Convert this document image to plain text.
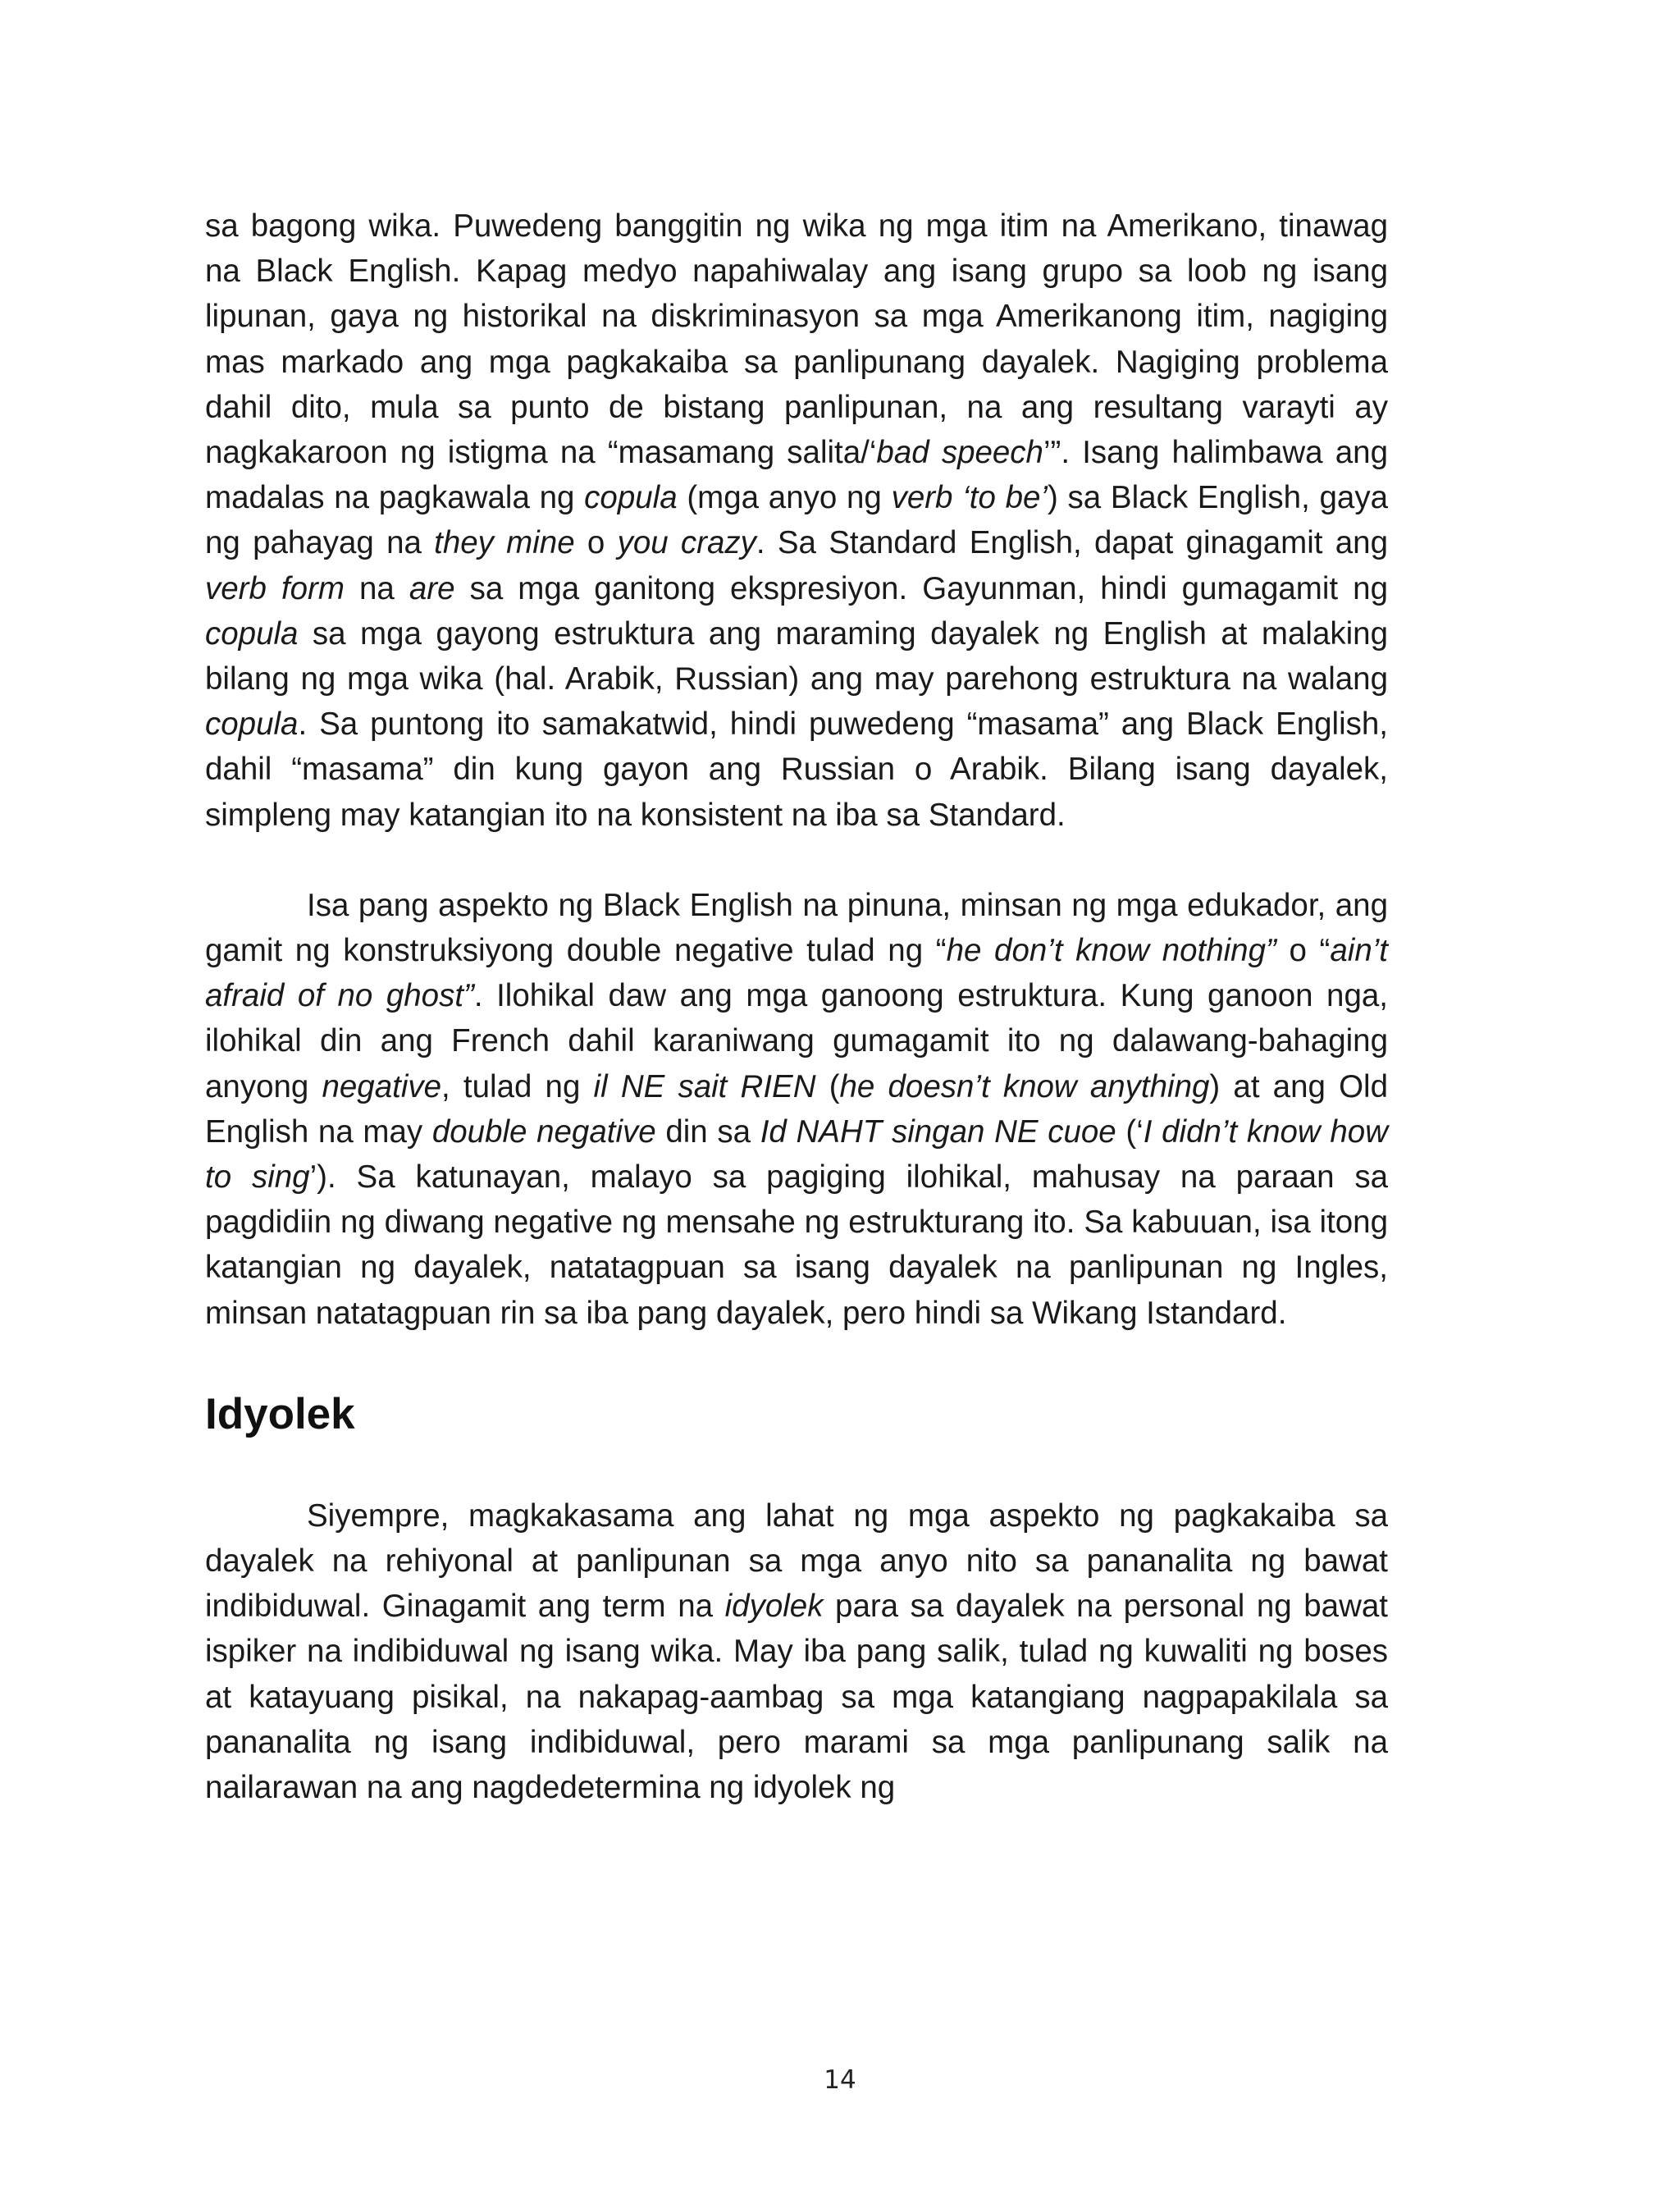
sa bagong wika. Puwedeng banggitin ng wika ng mga itim na Amerikano, tinawag na Black English. Kapag medyo napahiwalay ang isang grupo sa loob ng isang lipunan, gaya ng historikal na diskriminasyon sa mga Amerikanong itim, nagiging mas markado ang mga pagkakaiba sa panlipunang dayalek. Nagiging problema dahil dito, mula sa punto de bistang panlipunan, na ang resultang varayti ay nagkakaroon ng istigma na “masamang salita/‘bad speech’”. Isang halimbawa ang madalas na pagkawala ng copula (mga anyo ng verb ‘to be’) sa Black English, gaya ng pahayag na they mine o you crazy. Sa Standard English, dapat ginagamit ang verb form na are sa mga ganitong ekspresiyon. Gayunman, hindi gumagamit ng copula sa mga gayong estruktura ang maraming dayalek ng English at malaking bilang ng mga wika (hal. Arabik, Russian) ang may parehong estruktura na walang copula. Sa puntong ito samakatwid, hindi puwedeng “masama” ang Black English, dahil “masama” din kung gayon ang Russian o Arabik. Bilang isang dayalek, simpleng may katangian ito na konsistent na iba sa Standard.

Isa pang aspekto ng Black English na pinuna, minsan ng mga edukador, ang gamit ng konstruksiyong double negative tulad ng “he don’t know nothing” o “ain’t afraid of no ghost”. Ilohikal daw ang mga ganoong estruktura. Kung ganoon nga, ilohikal din ang French dahil karaniwang gumagamit ito ng dalawang-bahaging anyong negative, tulad ng il NE sait RIEN (he doesn’t know anything) at ang Old English na may double negative din sa Id NAHT singan NE cuoe (‘I didn’t know how to sing’). Sa katunayan, malayo sa pagiging ilohikal, mahusay na paraan sa pagdidiin ng diwang negative ng mensahe ng estrukturang ito. Sa kabuuan, isa itong katangian ng dayalek, natatagpuan sa isang dayalek na panlipunan ng Ingles, minsan natatagpuan rin sa iba pang dayalek, pero hindi sa Wikang Istandard.

Idyolek

Siyempre, magkakasama ang lahat ng mga aspekto ng pagkakaiba sa dayalek na rehiyonal at panlipunan sa mga anyo nito sa pananalita ng bawat indibiduwal. Ginagamit ang term na idyolek para sa dayalek na personal ng bawat ispiker na indibiduwal ng isang wika. May iba pang salik, tulad ng kuwaliti ng boses at katayuang pisikal, na nakapag-aambag sa mga katangiang nagpapakilala sa pananalita ng isang indibiduwal, pero marami sa mga panlipunang salik na nailarawan na ang nagdedetermina ng idyolek ng

14
